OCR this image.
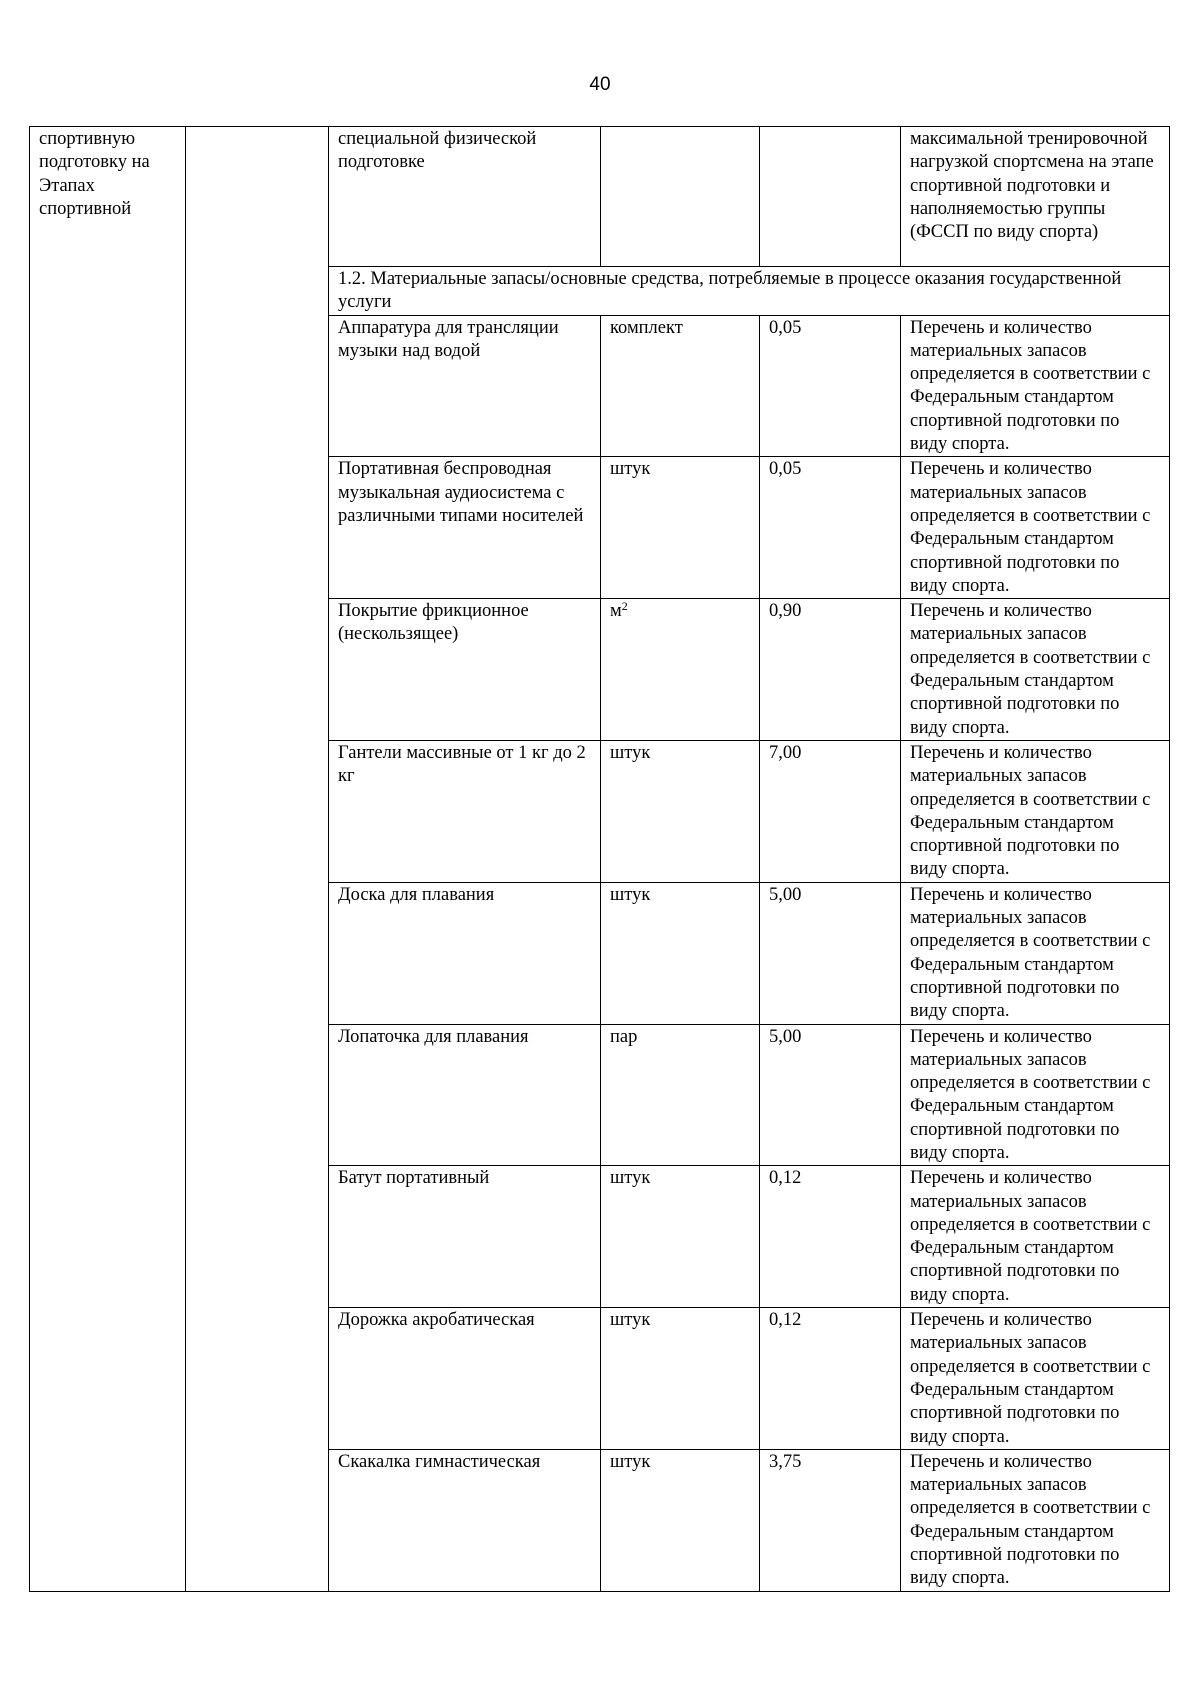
40
спортивную подготовку на Этапах спортивной		специальной физической подготовке			максимальной тренировочной нагрузкой спортсмена на этапе спортивной подготовки и наполняемостью группы (ФССП по виду спорта)
		1.2. Материальные запасы/основные средства, потребляемые в процессе оказания государственной услуги			
		Аппаратура для трансляции музыки над водой	комплект	0,05	Перечень и количество материальных запасов определяется в соответствии с Федеральным стандартом спортивной подготовки по виду спорта.
		Портативная беспроводная музыкальная аудиосистема с различными типами носителей	штук	0,05	Перечень и количество материальных запасов определяется в соответствии с Федеральным стандартом спортивной подготовки по виду спорта.
		Покрытие фрикционное (нескользящее)	$м^2$	0,90	Перечень и количество материальных запасов определяется в соответствии с Федеральным стандартом спортивной подготовки по виду спорта.
		Гантели массивные от 1 кг до 2 кг	штук	7,00	Перечень и количество материальных запасов определяется в соответствии с Федеральным стандартом спортивной подготовки по виду спорта.
		Доска для плавания	штук	5,00	Перечень и количество материальных запасов определяется в соответствии с Федеральным стандартом спортивной подготовки по виду спорта.
		Лопаточка для плавания	пар	5,00	Перечень и количество материальных запасов определяется в соответствии с Федеральным стандартом спортивной подготовки по виду спорта.
		Батут портативный	штук	0,12	Перечень и количество материальных запасов определяется в соответствии с Федеральным стандартом спортивной подготовки по виду спорта.
		Дорожка акробатическая	штук	0,12	Перечень и количество материальных запасов определяется в соответствии с Федеральным стандартом спортивной подготовки по виду спорта.
		Скакалка гимнастическая	штук	3,75	Перечень и количество материальных запасов определяется в соответствии с Федеральным стандартом спортивной подготовки по виду спорта.
